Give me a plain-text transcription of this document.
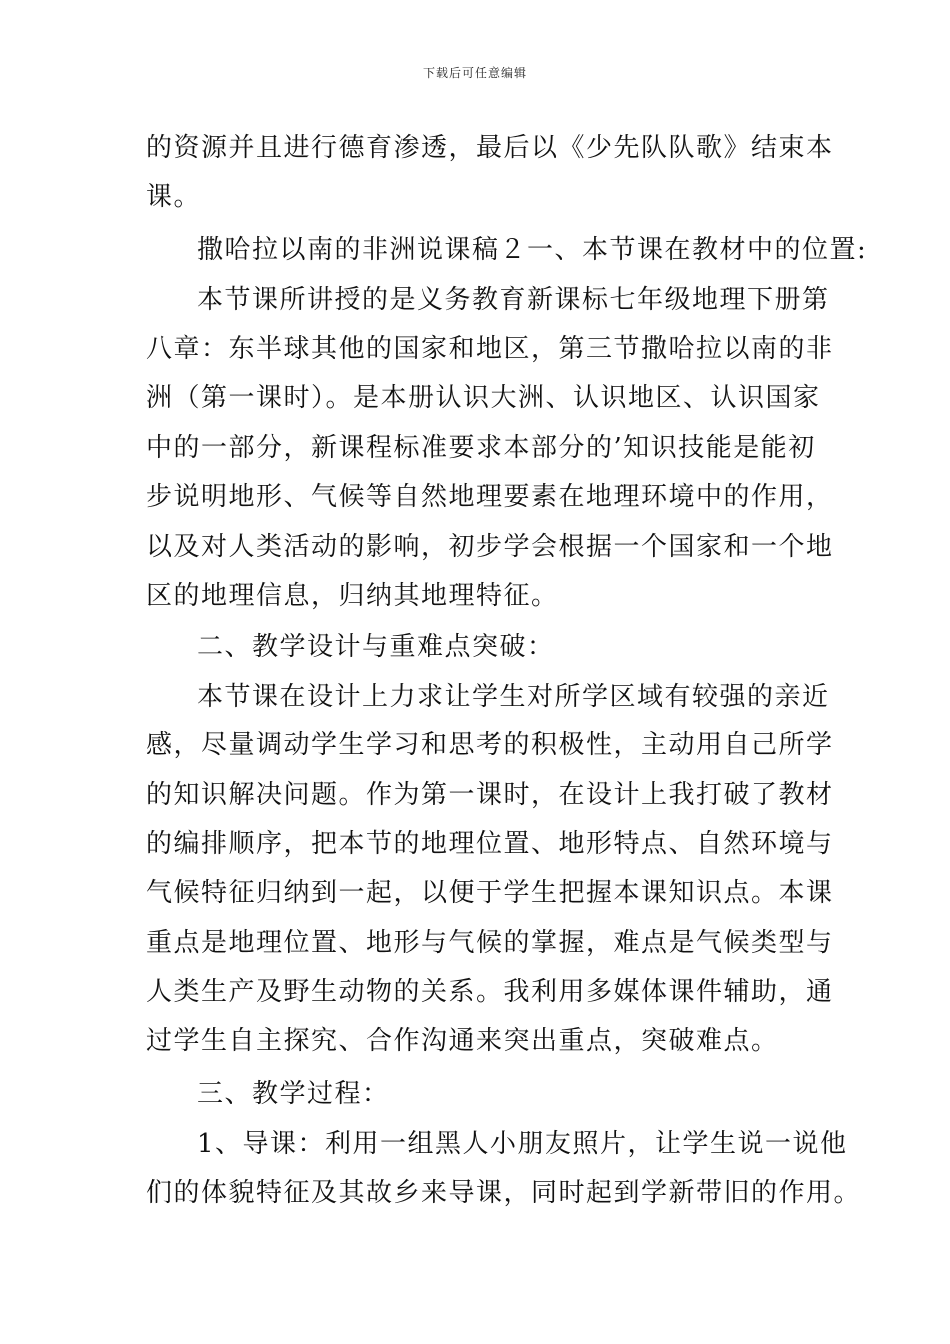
下载后可任意编辑
的资源并且进行德育渗透，最后以《少先队队歌》结束本
课。
撒哈拉以南的非洲说课稿２一、本节课在教材中的位置:
本节课所讲授的是义务教育新课标七年级地理下册第
八章：东半球其他的国家和地区，第三节撒哈拉以南的非
洲（第一课时）。是本册认识大洲、认识地区、认识国家
中的一部分，新课程标准要求本部分的’知识技能是能初
步说明地形、气候等自然地理要素在地理环境中的作用，
以及对人类活动的影响，初步学会根据一个国家和一个地
区的地理信息，归纳其地理特征。
二、教学设计与重难点突破：
本节课在设计上力求让学生对所学区域有较强的亲近
感，尽量调动学生学习和思考的积极性，主动用自己所学
的知识解决问题。作为第一课时，在设计上我打破了教材
的编排顺序，把本节的地理位置、地形特点、自然环境与
气候特征归纳到一起，以便于学生把握本课知识点。本课
重点是地理位置、地形与气候的掌握，难点是气候类型与
人类生产及野生动物的关系。我利用多媒体课件辅助，通
过学生自主探究、合作沟通来突出重点，突破难点。
三、教学过程：
1、导课：利用一组黑人小朋友照片，让学生说一说他
们的体貌特征及其故乡来导课，同时起到学新带旧的作用。
